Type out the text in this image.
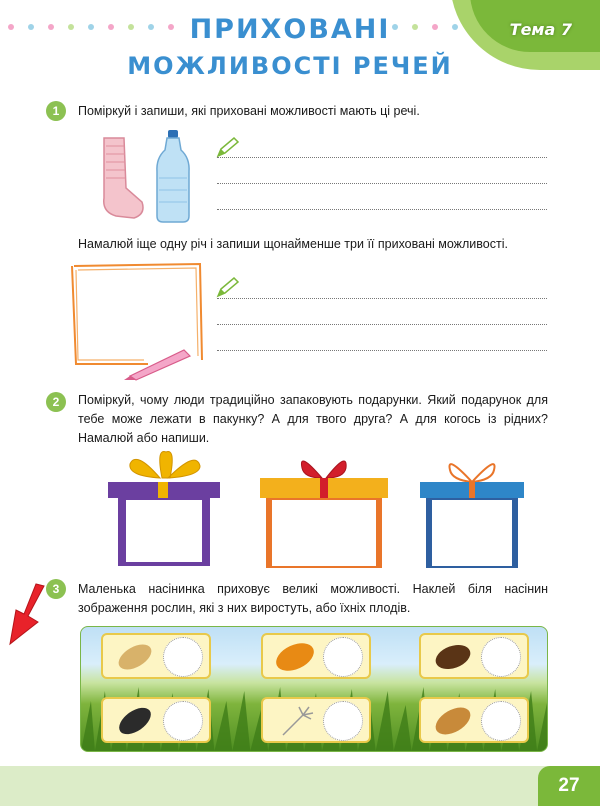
Тема 7
ПРИХОВАНІ
МОЖЛИВОСТІ РЕЧЕЙ
1	Поміркуй і запиши, які приховані можливості мають ці речі.
Намалюй іще одну річ і запиши щонайменше три її приховані можливості.
2	Поміркуй, чому люди традиційно запаковують подарунки. Який подарунок для тебе може лежати в пакунку? А для твого друга? А для когось із рідних? Намалюй або напиши.
3	Маленька насінинка приховує великі можливості. Наклей біля насінин зображення рослин, які з них виростуть, або їхніх плодів.
27
